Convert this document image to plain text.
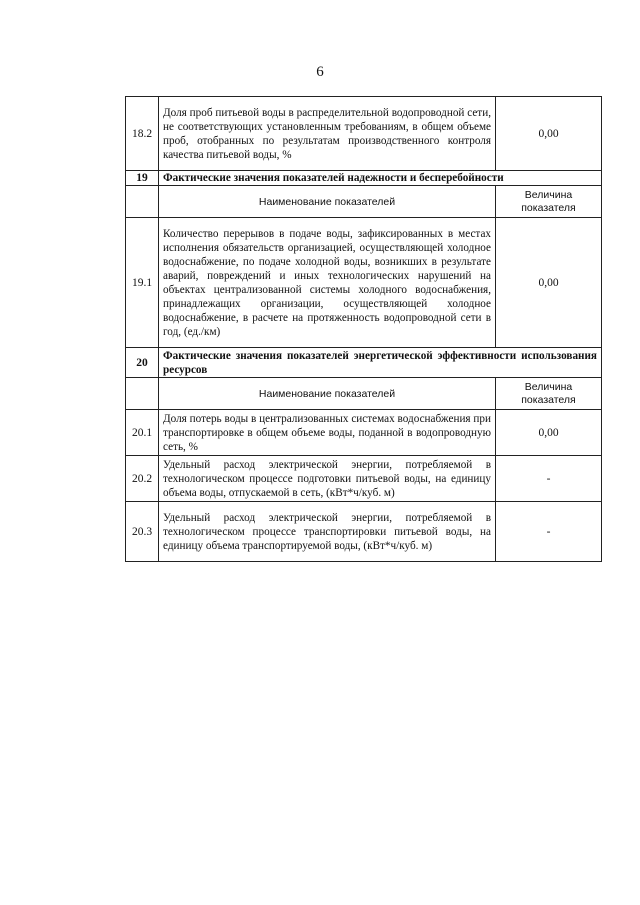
6
18.2	Доля проб питьевой воды в распределительной водопроводной сети, не соответствующих установленным требованиям, в общем объеме проб, отобранных по результатам производственного контроля качества питьевой воды, %	0,00
19	Фактические значения показателей надежности и бесперебойности	
	Наименование показателей	Величина показателя
19.1	Количество перерывов в подаче воды, зафиксированных в местах исполнения обязательств организацией, осуществляющей холодное водоснабжение, по подаче холодной воды, возникших в результате аварий, повреждений и иных технологических нарушений на объектах централизованной системы холодного водоснабжения, принадлежащих организации, осуществляющей холодное водоснабжение, в расчете на протяженность водопроводной сети в год, (ед./км)	0,00
20	Фактические значения показателей энергетической эффективности использования ресурсов	
	Наименование показателей	Величина показателя
20.1	Доля потерь воды в централизованных системах водоснабжения при транспортировке в общем объеме воды, поданной в водопроводную сеть, %	0,00
20.2	Удельный расход электрической энергии, потребляемой в технологическом процессе подготовки питьевой воды, на единицу объема воды, отпускаемой в сеть, (кВт*ч/куб. м)	-
20.3	Удельный расход электрической энергии, потребляемой в технологическом процессе транспортировки питьевой воды, на единицу объема транспортируемой воды, (кВт*ч/куб. м)	-
